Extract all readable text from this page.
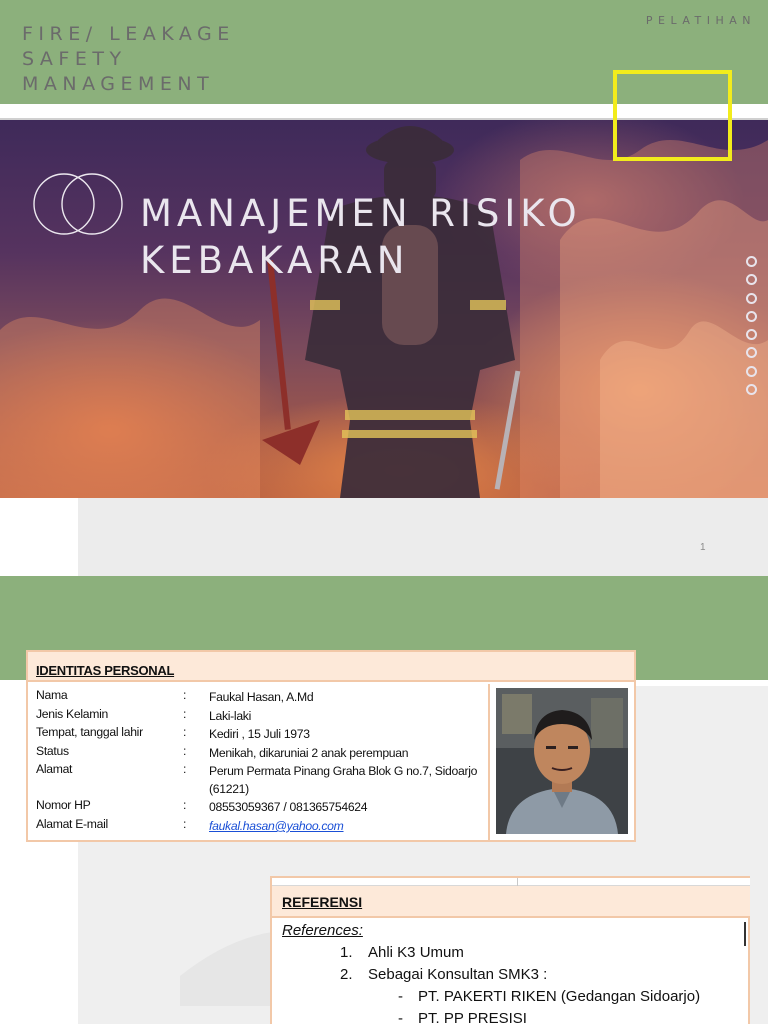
FIRE/ LEAKAGE SAFETY MANAGEMENT
PELATIHAN
MANAJEMEN RISIKO
KEBAKARAN
1
IDENTITAS PERSONAL
Nama	: Faukal Hasan, A.Md
Jenis Kelamin	: Laki-laki
Tempat, tanggal lahir	: Kediri , 15 Juli 1973
Status	: Menikah, dikaruniai 2 anak perempuan
Alamat	: Perum Permata Pinang Graha Blok G no.7, Sidoarjo (61221)
Nomor HP	: 08553059367 / 081365754624
Alamat E-mail	: faukal.hasan@yahoo.com
REFERENSI
References:
1. Ahli K3 Umum
2. Sebagai Konsultan SMK3 :
- PT. PAKERTI RIKEN (Gedangan Sidoarjo)
- PT. PP PRESISI
